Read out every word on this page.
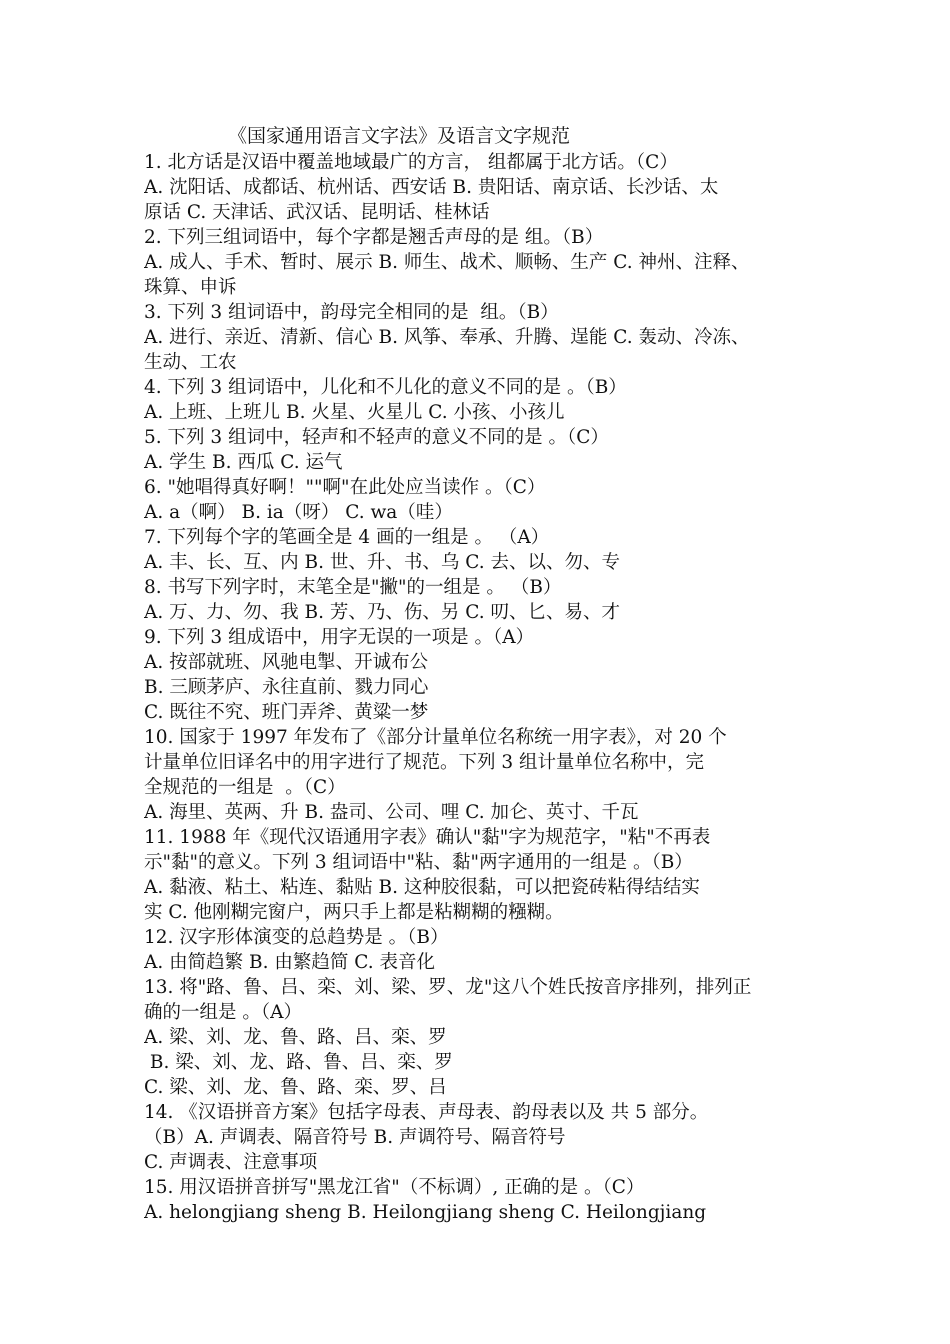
《国家通用语言文字法》及语言文字规范
1. 北方话是汉语中覆盖地域最广的方言， 组都属于北方话。（C）
A. 沈阳话、成都话、杭州话、西安话 B. 贵阳话、南京话、长沙话、太
原话 C. 天津话、武汉话、昆明话、桂林话
2. 下列三组词语中，每个字都是翘舌声母的是 组。（B）
A. 成人、手术、暂时、展示 B. 师生、战术、顺畅、生产 C. 神州、注释、
珠算、申诉
3. 下列 3 组词语中，韵母完全相同的是  组。（B）
A. 进行、亲近、清新、信心 B. 风筝、奉承、升腾、逞能 C. 轰动、冷冻、
生动、工农
4. 下列 3 组词语中，儿化和不儿化的意义不同的是 。（B）
A. 上班、上班儿 B. 火星、火星儿 C. 小孩、小孩儿
5. 下列 3 组词中，轻声和不轻声的意义不同的是 。（C）
A. 学生 B. 西瓜 C. 运气
6. "她唱得真好啊！""啊"在此处应当读作 。（C）
A. a（啊） B. ia（呀） C. wa（哇）
7. 下列每个字的笔画全是 4 画的一组是 。 （A）
A. 丰、长、互、内 B. 世、升、书、乌 C. 去、以、勿、专
8. 书写下列字时，末笔全是"撇"的一组是 。 （B）
A. 万、力、勿、我 B. 芳、乃、伤、另 C. 叨、匕、易、才
9. 下列 3 组成语中，用字无误的一项是 。（A）
A. 按部就班、风驰电掣、开诚布公
B. 三顾茅庐、永往直前、戮力同心
C. 既往不究、班门弄斧、黄粱一梦
10. 国家于 1997 年发布了《部分计量单位名称统一用字表》，对 20 个
计量单位旧译名中的用字进行了规范。下列 3 组计量单位名称中，完
全规范的一组是  。（C）
A. 海里、英两、升 B. 盎司、公司、哩 C. 加仑、英寸、千瓦
11. 1988 年《现代汉语通用字表》确认"黏"字为规范字，"粘"不再表
示"黏"的意义。下列 3 组词语中"粘、黏"两字通用的一组是 。（B）
A. 黏液、粘土、粘连、黏贴 B. 这种胶很黏，可以把瓷砖粘得结结实
实 C. 他刚糊完窗户，两只手上都是粘糊糊的糨糊。
12. 汉字形体演变的总趋势是 。（B）
A. 由简趋繁 B. 由繁趋简 C. 表音化
13. 将"路、鲁、吕、栾、刘、梁、罗、龙"这八个姓氏按音序排列，排列正
确的一组是 。（A）
A. 梁、刘、龙、鲁、路、吕、栾、罗
B. 梁、刘、龙、路、鲁、吕、栾、罗
C. 梁、刘、龙、鲁、路、栾、罗、吕
14. 《汉语拼音方案》包括字母表、声母表、韵母表以及 共 5 部分。
（B）A. 声调表、隔音符号 B. 声调符号、隔音符号
C. 声调表、注意事项
15. 用汉语拼音拼写"黑龙江省"（不标调）, 正确的是 。（C）
A. helongjiang sheng B. Heilongjiang sheng C. Heilongjiang
